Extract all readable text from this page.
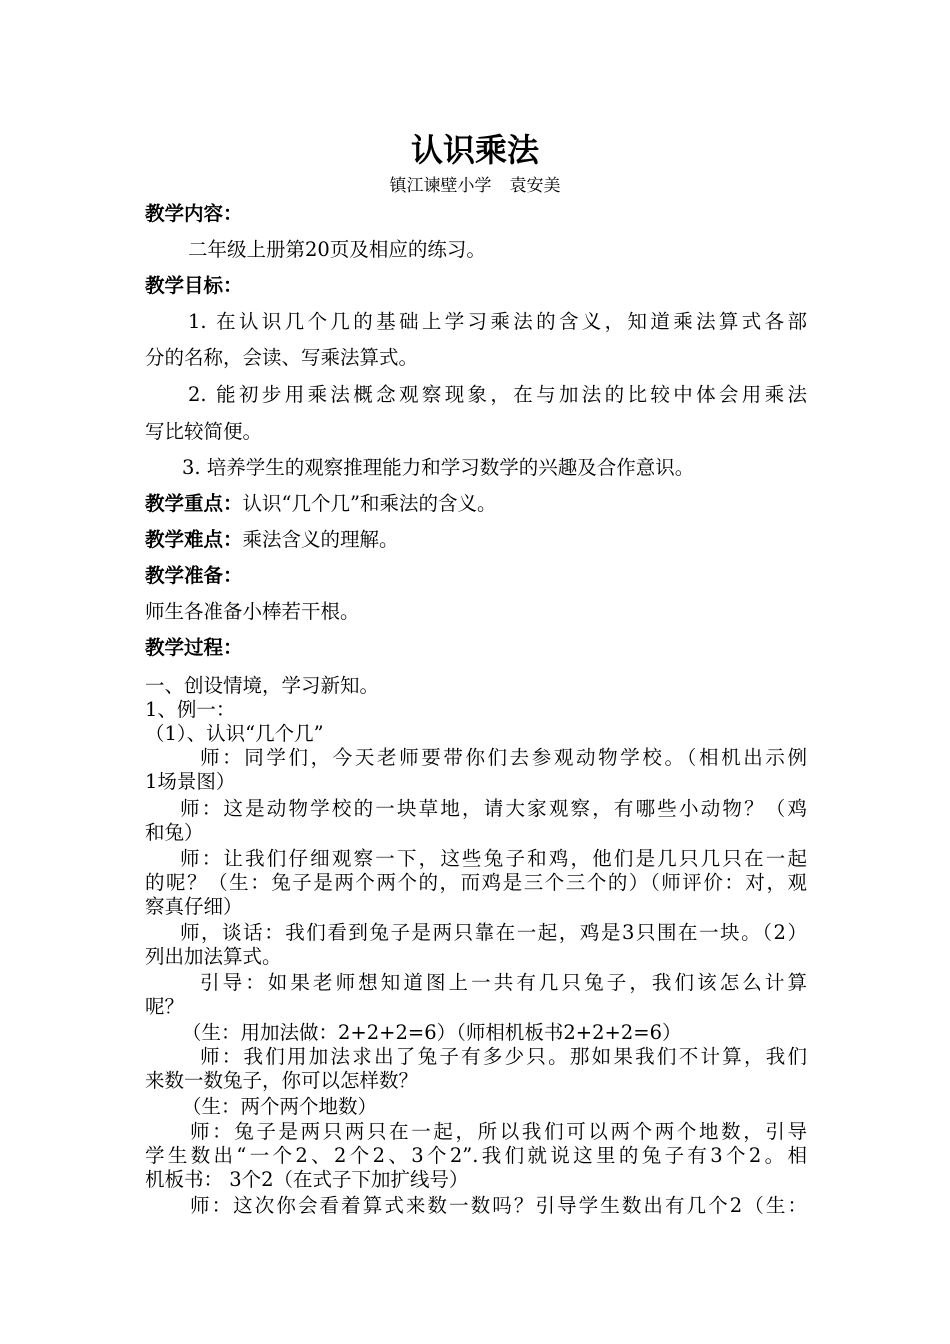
认识乘法
镇江谏壁小学 袁安美
教学内容：
二年级上册第20页及相应的练习。
教学目标：
1. 在认识几个几的基础上学习乘法的含义，知道乘法算式各部
分的名称，会读、写乘法算式。
2. 能初步用乘法概念观察现象，在与加法的比较中体会用乘法
写比较简便。
3. 培养学生的观察推理能力和学习数学的兴趣及合作意识。
教学重点：认识“几个几”和乘法的含义。
教学难点：乘法含义的理解。
教学准备：
师生各准备小棒若干根。
教学过程：
一、创设情境，学习新知。
1、例一：
（1）、认识“几个几”
师：同学们，今天老师要带你们去参观动物学校。（相机出示例
1场景图）
师：这是动物学校的一块草地，请大家观察，有哪些小动物？（鸡
和兔）
师：让我们仔细观察一下，这些兔子和鸡，他们是几只几只在一起
的呢？（生：兔子是两个两个的，而鸡是三个三个的）（师评价：对，观
察真仔细）
师，谈话：我们看到兔子是两只靠在一起，鸡是3只围在一块。（2）
列出加法算式。
引导：如果老师想知道图上一共有几只兔子，我们该怎么计算
呢？
（生：用加法做：2+2+2=6）（师相机板书2+2+2=6）
师：我们用加法求出了兔子有多少只。那如果我们不计算，我们
来数一数兔子，你可以怎样数？
（生：两个两个地数）
师：兔子是两只两只在一起，所以我们可以两个两个地数，引导
学生数出“一个2、2个2、3个2”.我们就说这里的兔子有3个2。相
机板书： 3个2（在式子下加扩线号）
师：这次你会看着算式来数一数吗？引导学生数出有几个2（生：
